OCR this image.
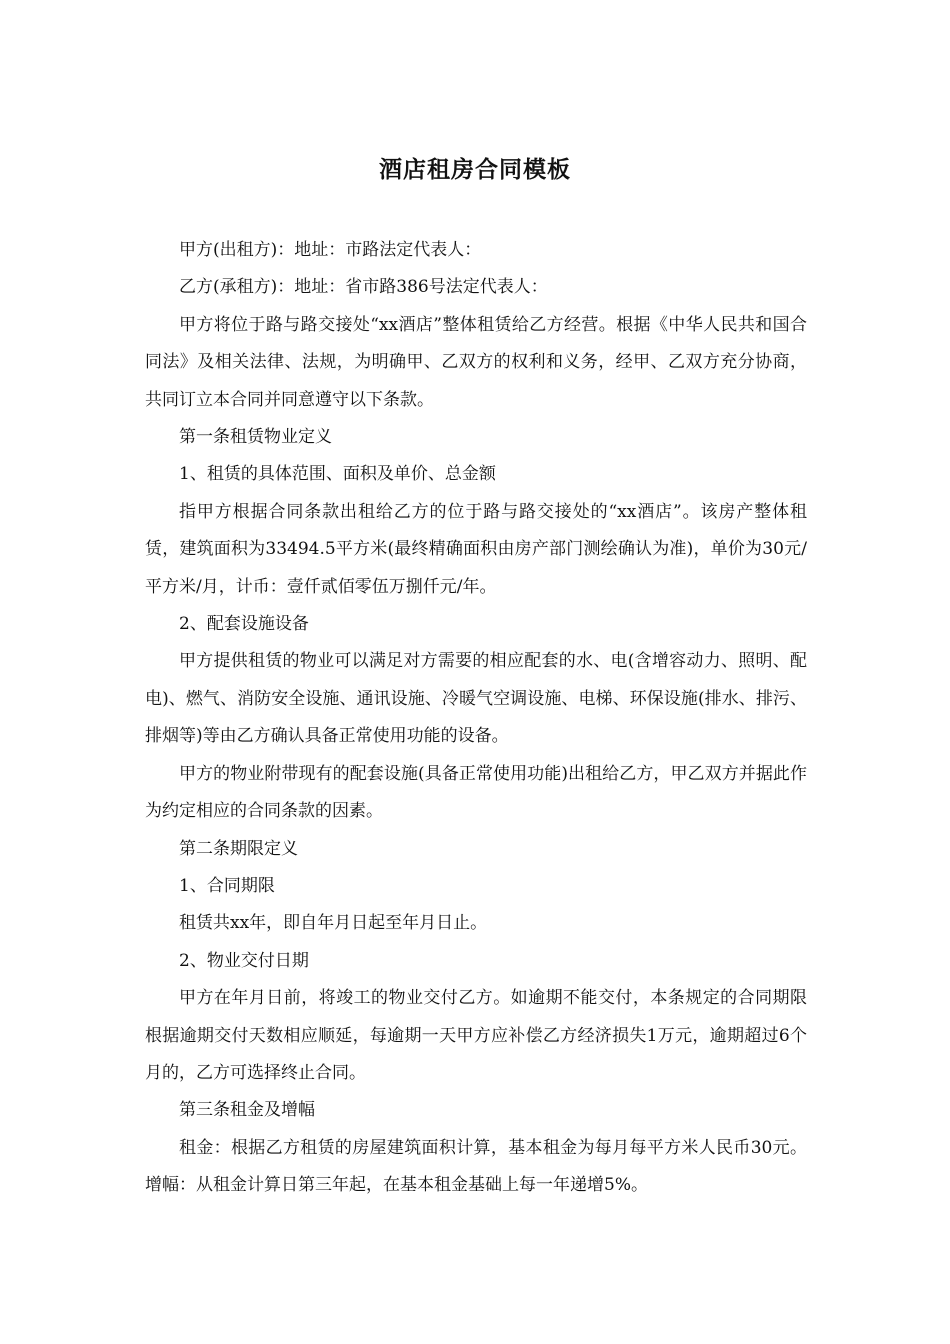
酒店租房合同模板

甲方(出租方)：地址：市路法定代表人：

乙方(承租方)：地址：省市路386号法定代表人：

甲方将位于路与路交接处“xx酒店”整体租赁给乙方经营。根据《中华人民共和国合同法》及相关法律、法规，为明确甲、乙双方的权利和义务，经甲、乙双方充分协商，共同订立本合同并同意遵守以下条款。

第一条租赁物业定义

1、租赁的具体范围、面积及单价、总金额

指甲方根据合同条款出租给乙方的位于路与路交接处的“xx酒店”。该房产整体租赁，建筑面积为33494.5平方米(最终精确面积由房产部门测绘确认为准)，单价为30元/平方米/月，计币：壹仟贰佰零伍万捌仟元/年。

2、配套设施设备

甲方提供租赁的物业可以满足对方需要的相应配套的水、电(含增容动力、照明、配电)、燃气、消防安全设施、通讯设施、冷暖气空调设施、电梯、环保设施(排水、排污、排烟等)等由乙方确认具备正常使用功能的设备。

甲方的物业附带现有的配套设施(具备正常使用功能)出租给乙方，甲乙双方并据此作为约定相应的合同条款的因素。

第二条期限定义

1、合同期限

租赁共xx年，即自年月日起至年月日止。

2、物业交付日期

甲方在年月日前，将竣工的物业交付乙方。如逾期不能交付，本条规定的合同期限根据逾期交付天数相应顺延，每逾期一天甲方应补偿乙方经济损失1万元，逾期超过6个月的，乙方可选择终止合同。

第三条租金及增幅

租金：根据乙方租赁的房屋建筑面积计算，基本租金为每月每平方米人民币30元。增幅：从租金计算日第三年起，在基本租金基础上每一年递增5%。
